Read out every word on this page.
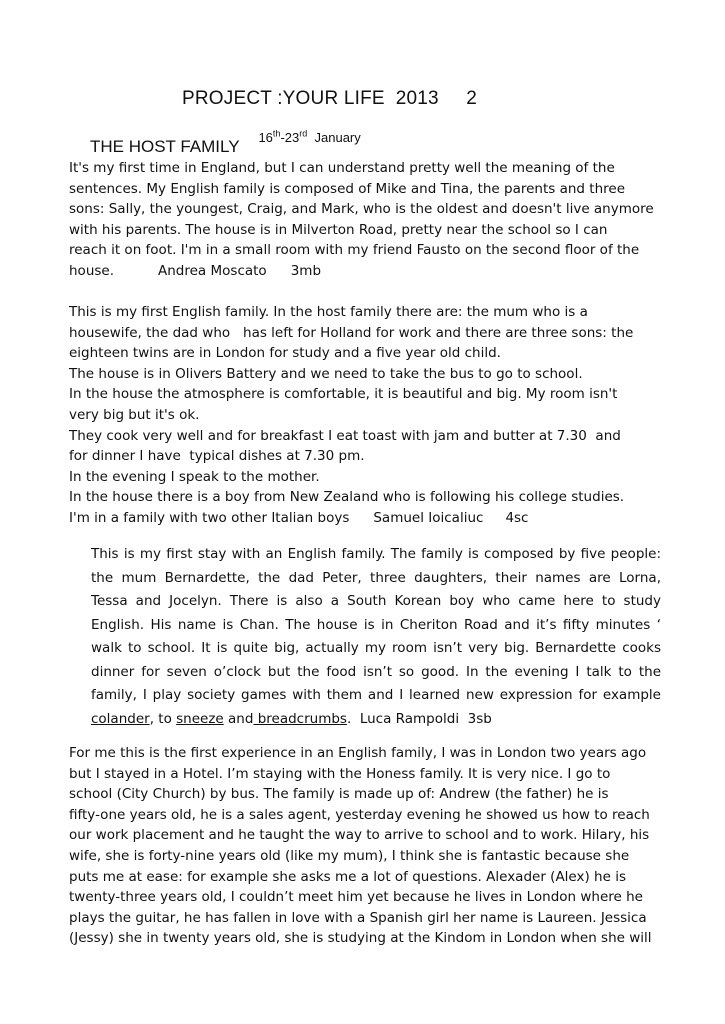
PROJECT :YOUR LIFE  2013     2

16th-23rd January

THE HOST FAMILY
It's my first time in England, but I can understand pretty well the meaning of the
sentences. My English family is composed of Mike and Tina, the parents and three
sons: Sally, the youngest, Craig, and Mark, who is the oldest and doesn't live anymore
with his parents. The house is in Milverton Road, pretty near the school so I can
reach it on foot. I'm in a small room with my friend Fausto on the second floor of the
house.	Andrea Moscato 3mb
This is my first English family. In the host family there are: the mum who is a
housewife, the dad who   has left for Holland for work and there are three sons: the
eighteen twins are in London for study and a five year old child.
The house is in Olivers Battery and we need to take the bus to go to school.
In the house the atmosphere is comfortable, it is beautiful and big. My room isn't
very big but it's ok.
They cook very well and for breakfast I eat toast with jam and butter at 7.30  and
for dinner I have  typical dishes at 7.30 pm.
In the evening I speak to the mother.
In the house there is a boy from New Zealand who is following his college studies.
I'm in a family with two other Italian boys Samuel Ioicaliuc 4sc
This is my first stay with an English family. The family is composed by five people:
the mum Bernardette, the dad Peter, three daughters, their names are Lorna,
Tessa and Jocelyn. There is also a South Korean boy who came here to study
English. His name is Chan. The house is in Cheriton Road and it’s fifty minutes ‘
walk to school. It is quite big, actually my room isn’t very big. Bernardette cooks
dinner for seven o’clock but the food isn’t so good. In the evening I talk to the
family, I play society games with them and I learned new expression for example
colander, to sneeze and breadcrumbs.  Luca Rampoldi 3sb
For me this is the first experience in an English family, I was in London two years ago
but I stayed in a Hotel. I’m staying with the Honess family. It is very nice. I go to
school (City Church) by bus. The family is made up of: Andrew (the father) he is
fifty-one years old, he is a sales agent, yesterday evening he showed us how to reach
our work placement and he taught the way to arrive to school and to work. Hilary, his
wife, she is forty-nine years old (like my mum), I think she is fantastic because she
puts me at ease: for example she asks me a lot of questions. Alexader (Alex) he is
twenty-three years old, I couldn’t meet him yet because he lives in London where he
plays the guitar, he has fallen in love with a Spanish girl her name is Laureen. Jessica
(Jessy) she in twenty years old, she is studying at the Kindom in London when she will
